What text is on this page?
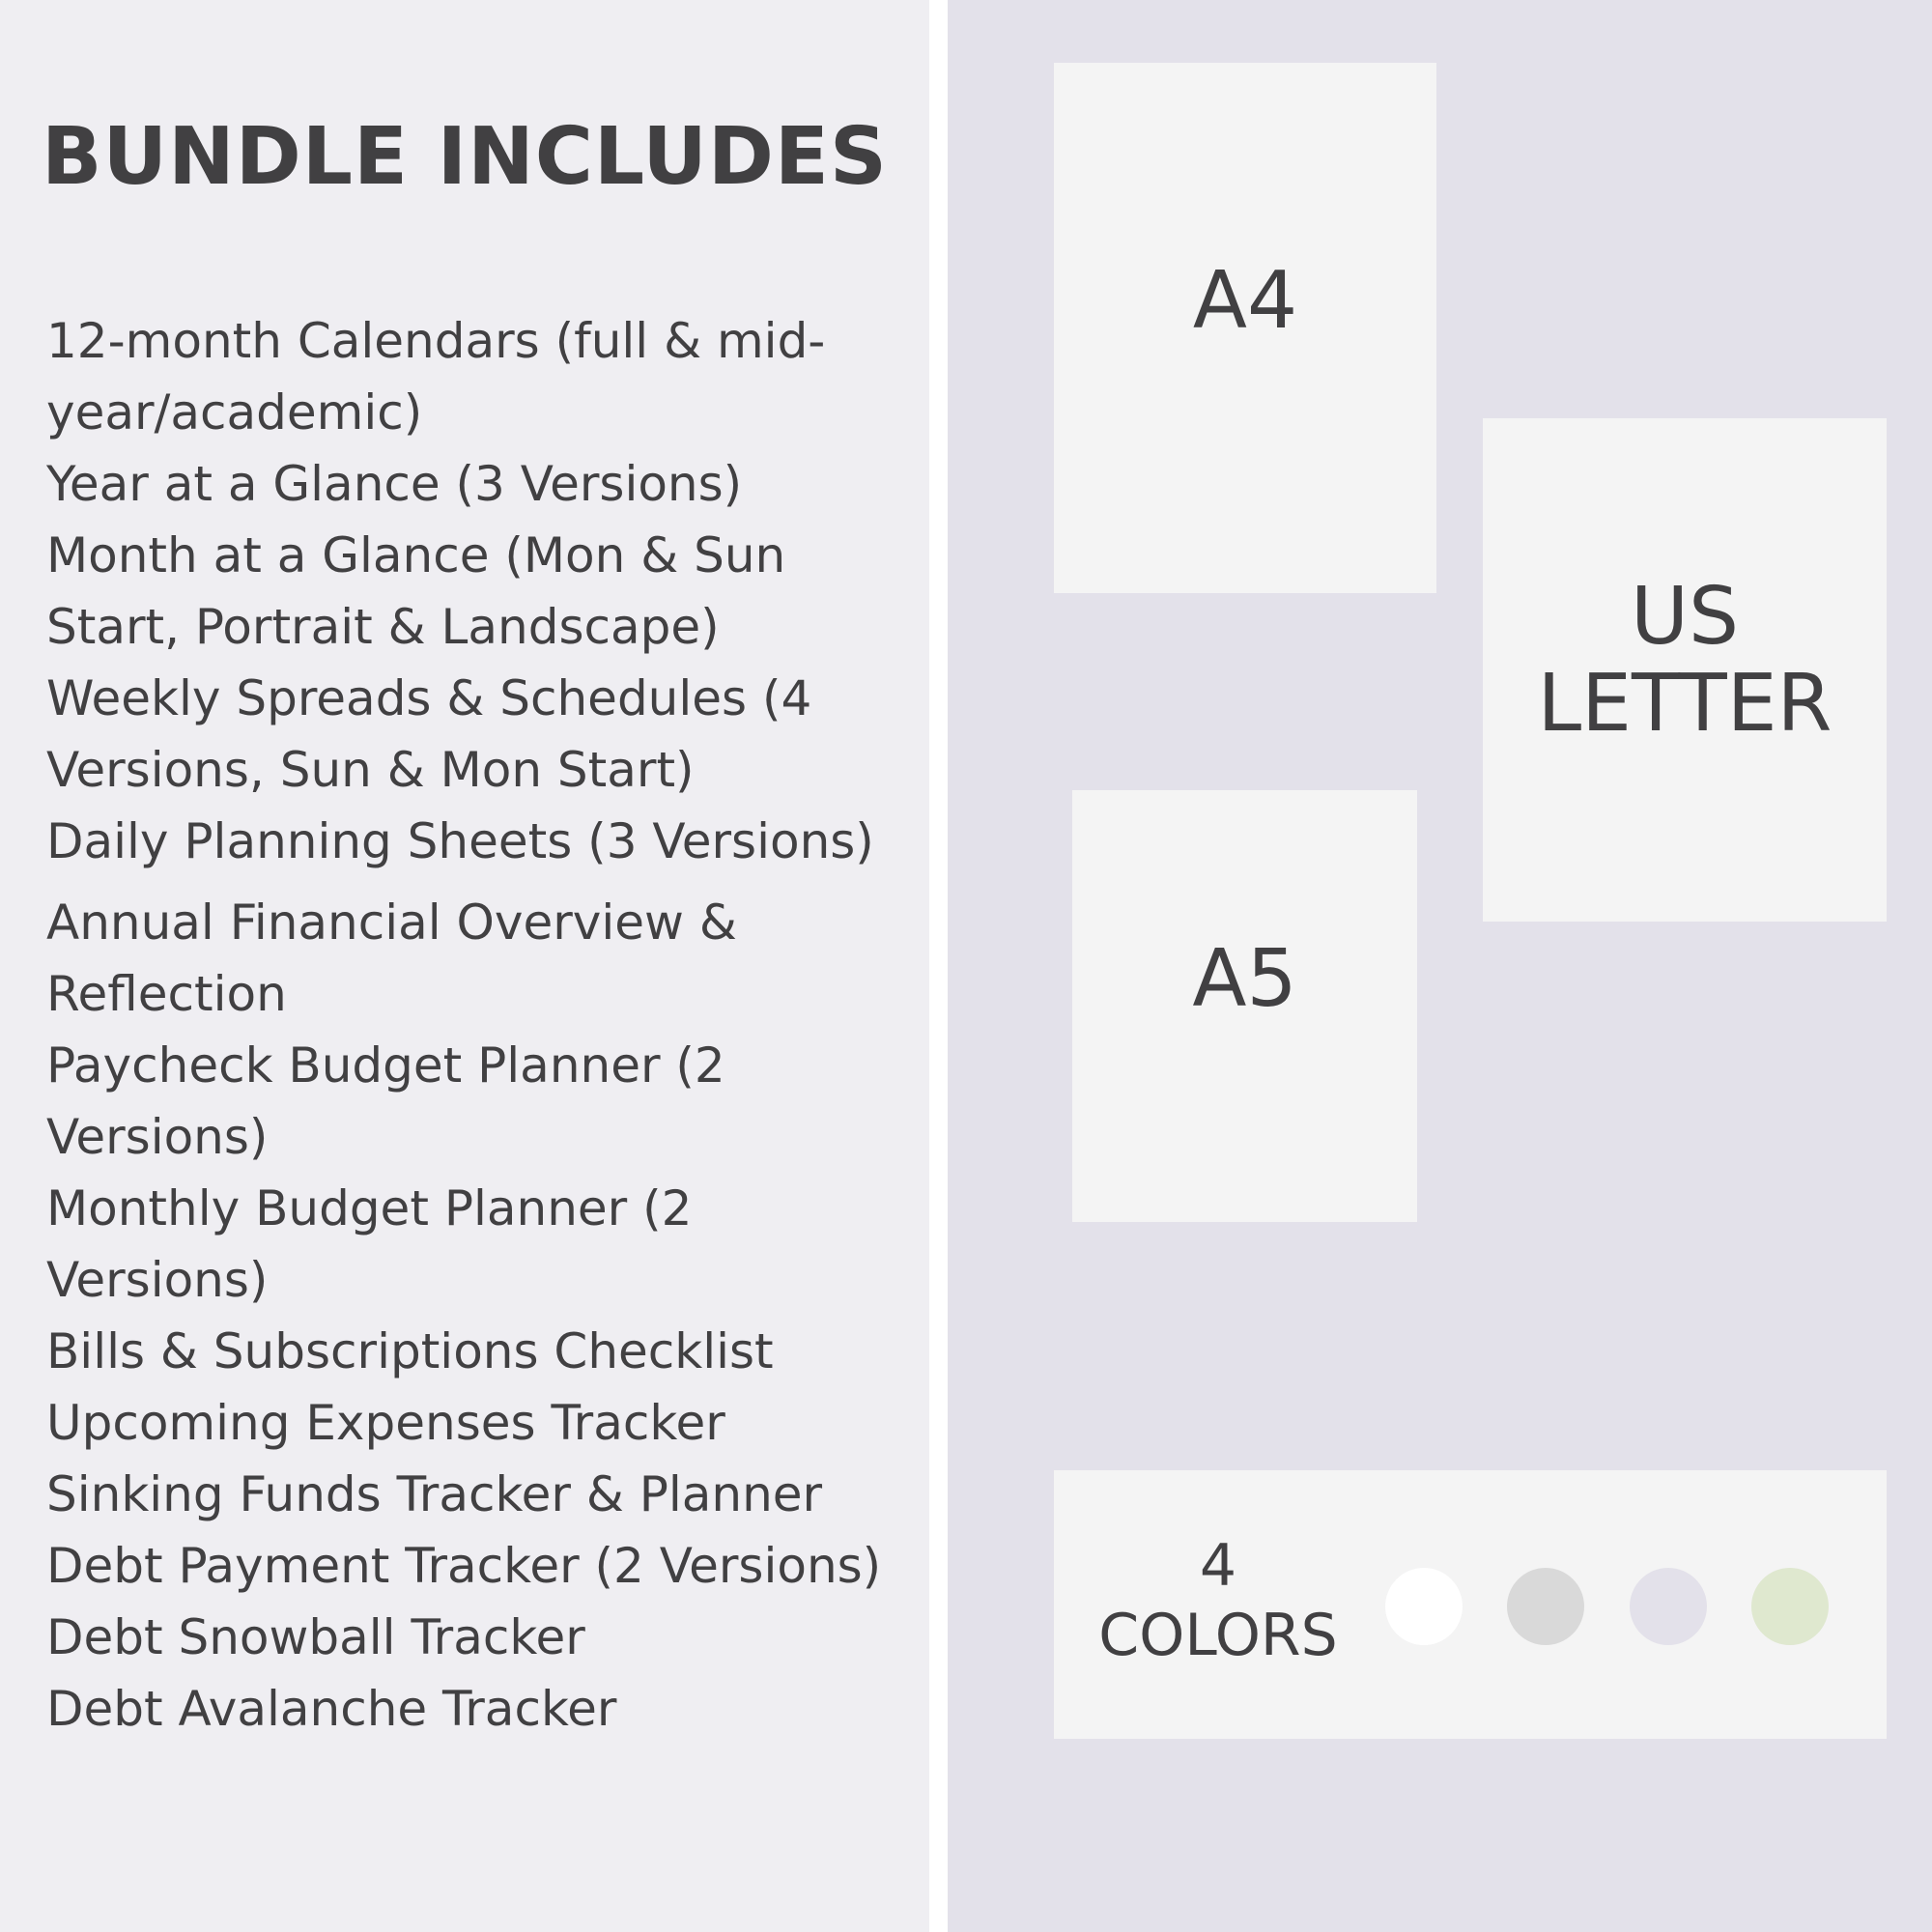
BUNDLE INCLUDES
12-month Calendars (full & mid-year/academic)
Year at a Glance (3 Versions)
Month at a Glance (Mon & Sun Start, Portrait & Landscape)
Weekly Spreads & Schedules (4 Versions, Sun & Mon Start)
Daily Planning Sheets (3 Versions)
Annual Financial Overview & Reflection
Paycheck Budget Planner (2 Versions)
Monthly Budget Planner (2 Versions)
Bills & Subscriptions Checklist
Upcoming Expenses Tracker
Sinking Funds Tracker & Planner
Debt Payment Tracker (2 Versions)
Debt Snowball Tracker
Debt Avalanche Tracker
A4
US LETTER
A5
4 COLORS
